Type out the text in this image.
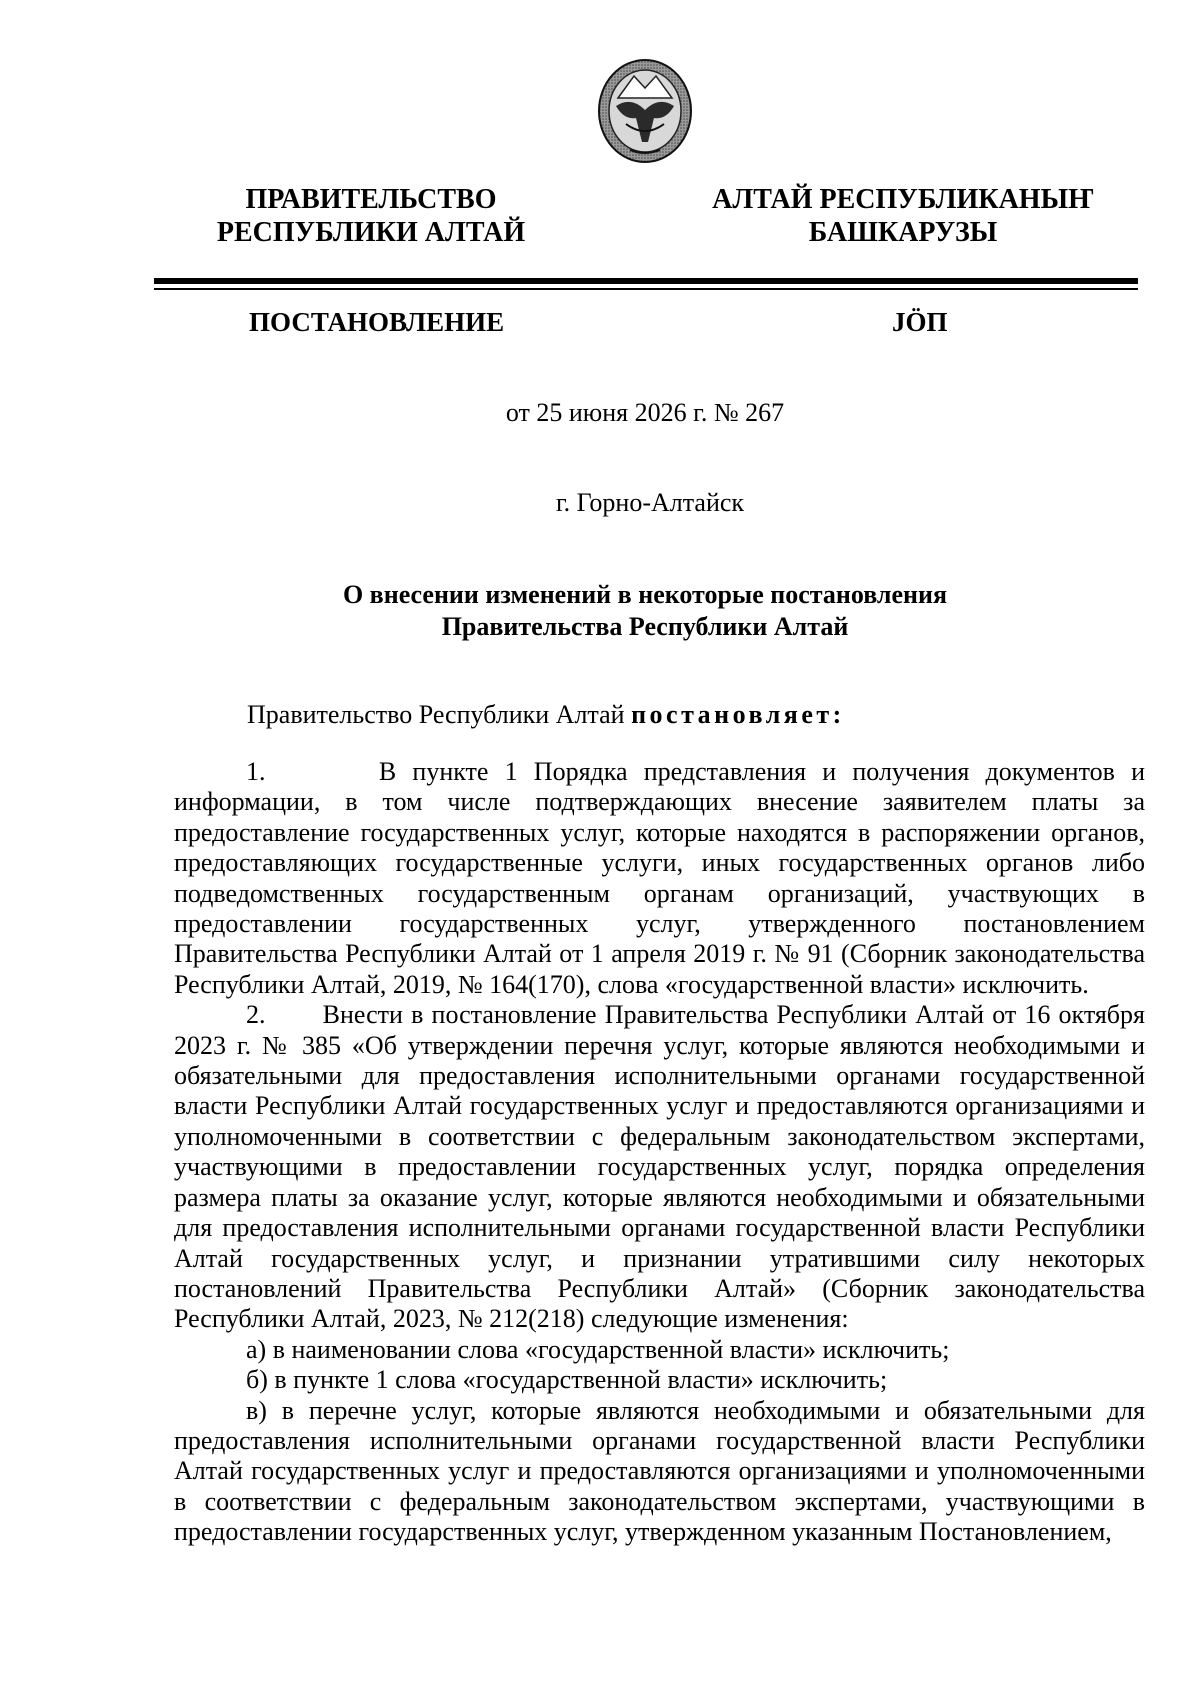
ПРАВИТЕЛЬСТВО
РЕСПУБЛИКИ АЛТАЙ
АЛТАЙ РЕСПУБЛИКАНЫҤ
БАШКАРУЗЫ
ПОСТАНОВЛЕНИЕ	JÖП
от 25 июня 2026 г. № 267
г. Горно-Алтайск
О внесении изменений в некоторые постановления
Правительства Республики Алтай
Правительство Республики Алтай постановляет:

1.       В пункте 1 Порядка представления и получения документов и информации, в том числе подтверждающих внесение заявителем платы за предоставление государственных услуг, которые находятся в распоряжении органов, предоставляющих государственные услуги, иных государственных органов либо подведомственных государственным органам организаций, участвующих в предоставлении государственных услуг, утвержденного постановлением Правительства Республики Алтай от 1 апреля 2019 г. № 91 (Сборник законодательства Республики Алтай, 2019, № 164(170), слова «государственной власти» исключить.

2.       Внести в постановление Правительства Республики Алтай от 16 октября 2023 г. № 385 «Об утверждении перечня услуг, которые являются необходимыми и обязательными для предоставления исполнительными органами государственной власти Республики Алтай государственных услуг и предоставляются организациями и уполномоченными в соответствии с федеральным законодательством экспертами, участвующими в предоставлении государственных услуг, порядка определения размера платы за оказание услуг, которые являются необходимыми и обязательными для предоставления исполнительными органами государственной власти Республики Алтай государственных услуг, и признании утратившими силу некоторых постановлений Правительства Республики Алтай» (Сборник законодательства Республики Алтай, 2023, № 212(218) следующие изменения:

а) в наименовании слова «государственной власти» исключить;

б) в пункте 1 слова «государственной власти» исключить;

в) в перечне услуг, которые являются необходимыми и обязательными для предоставления исполнительными органами государственной власти Республики Алтай государственных услуг и предоставляются организациями и уполномоченными в соответствии с федеральным законодательством экспертами, участвующими в предоставлении государственных услуг, утвержденном указанным Постановлением,
